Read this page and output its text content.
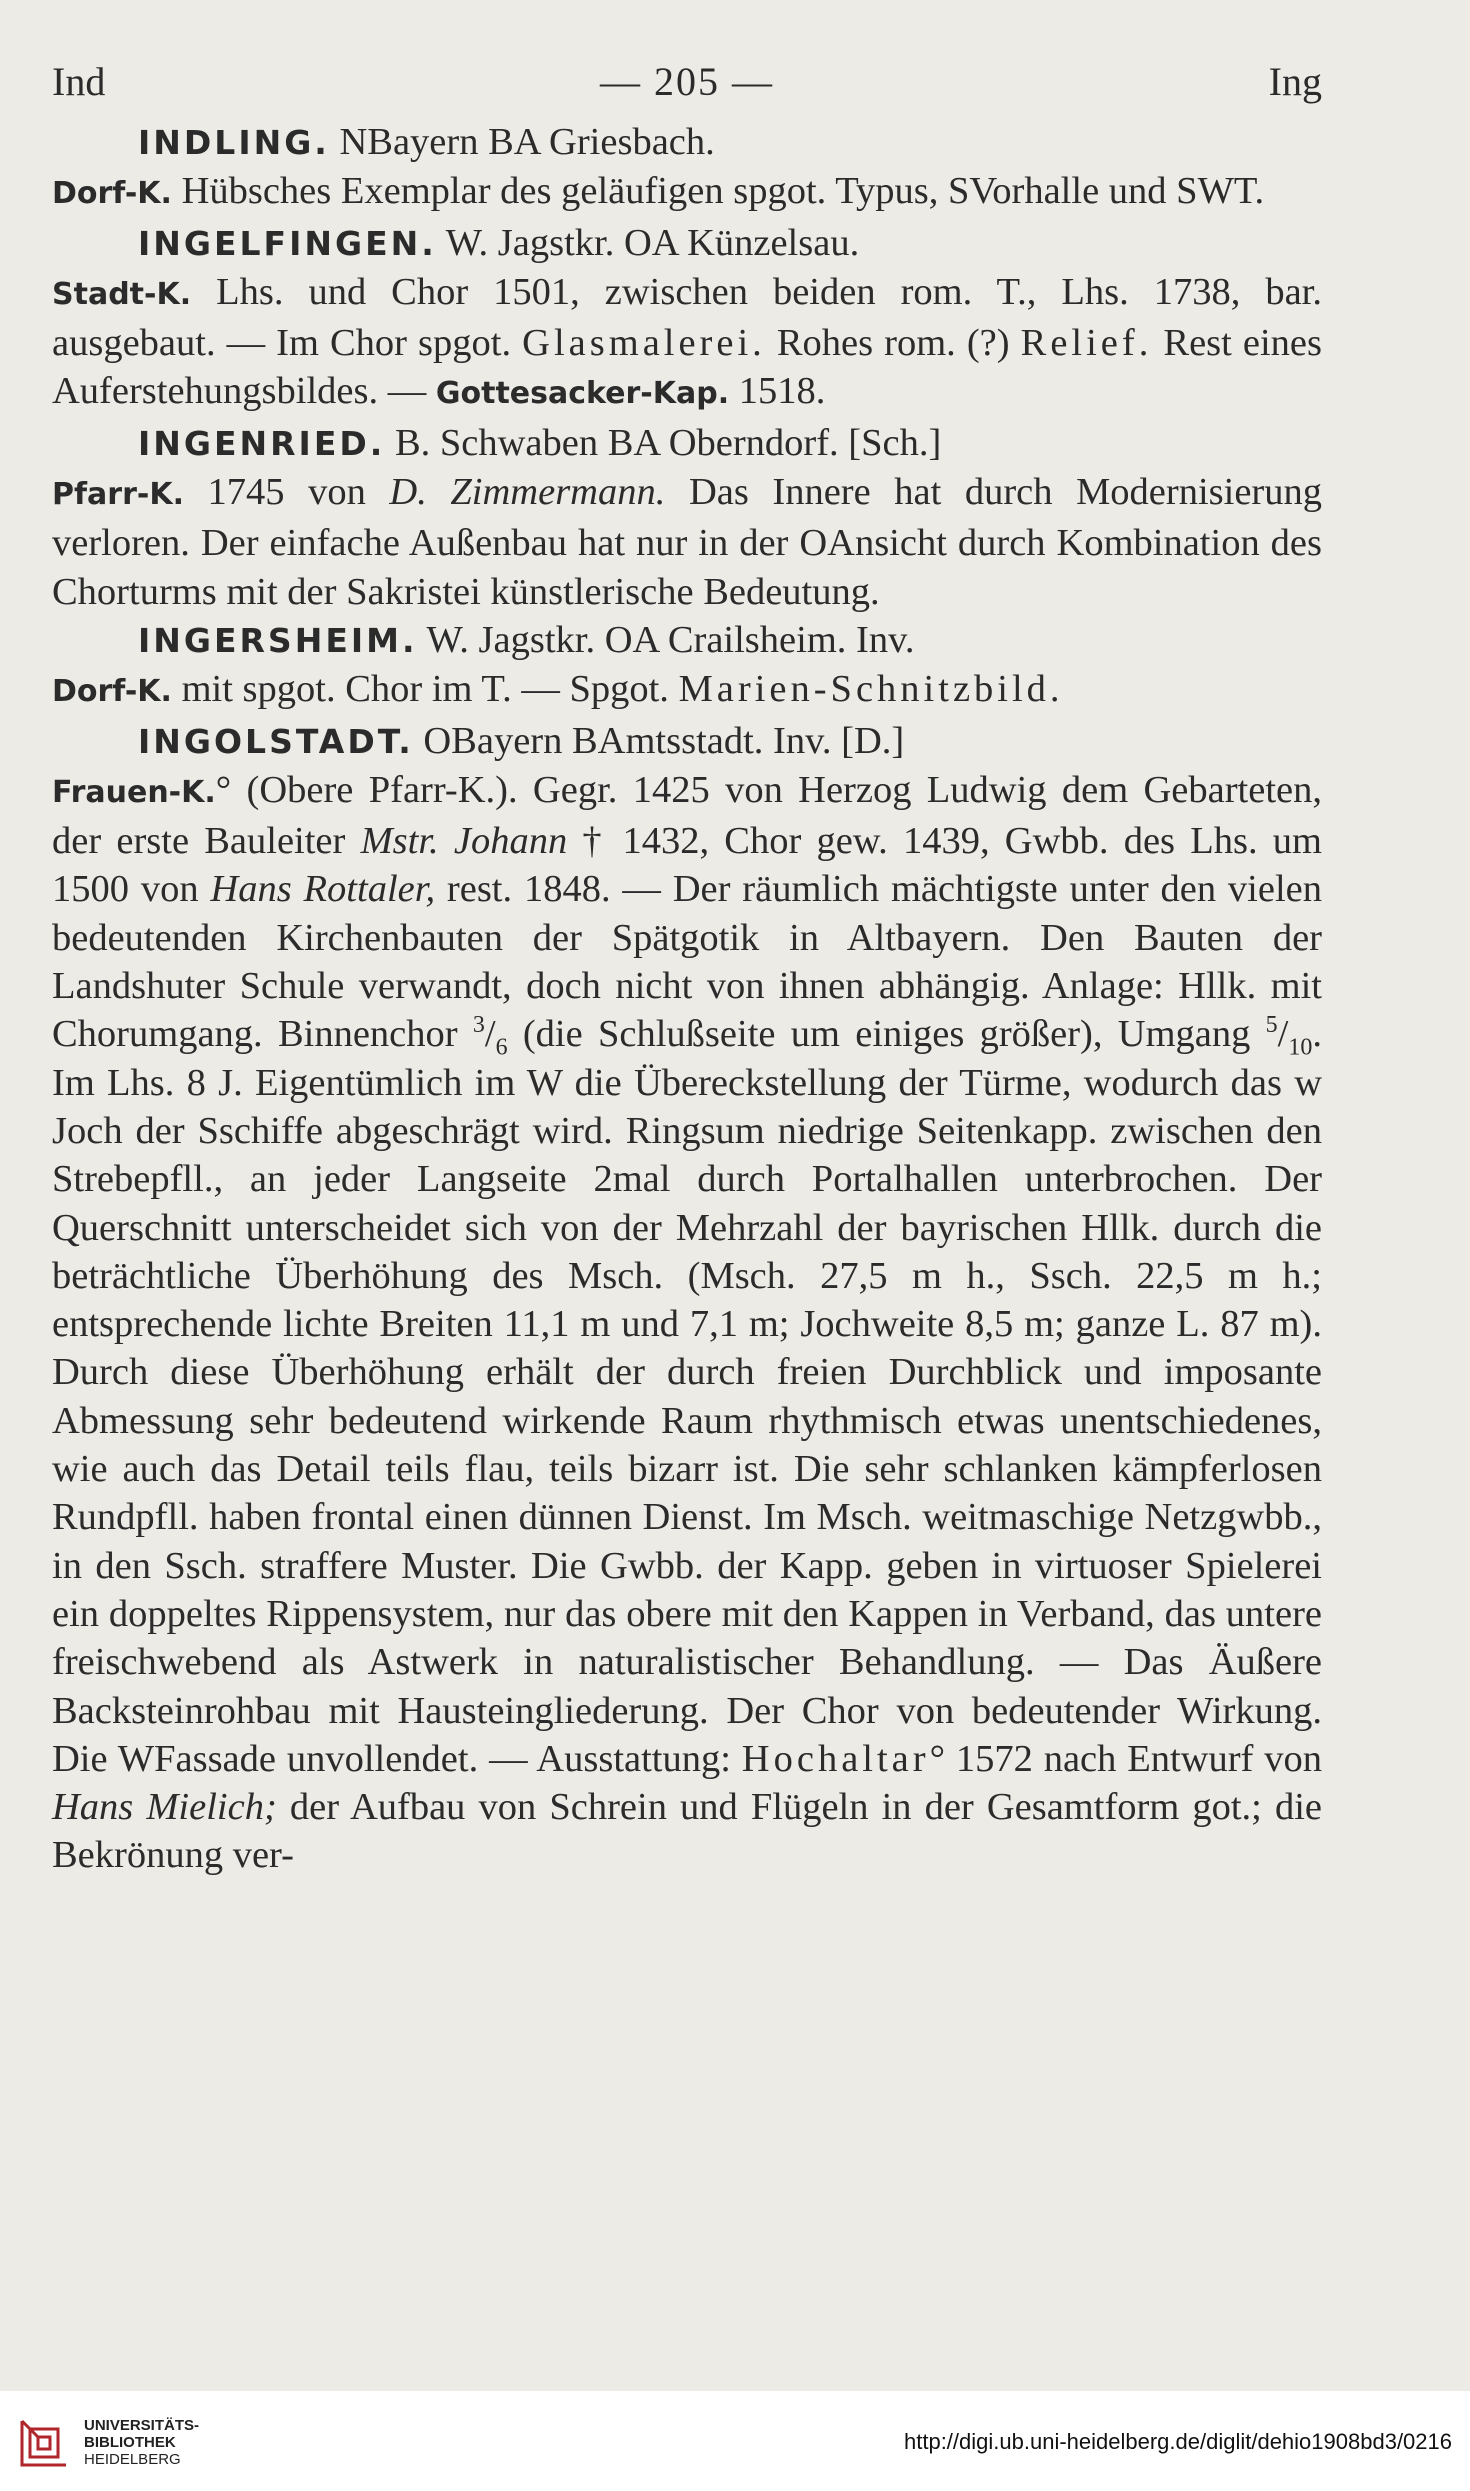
Ind	— 205 —	Ing
INDLING. NBayern BA Griesbach.
Dorf-K. Hübsches Exemplar des geläufigen spgot. Typus, SVorhalle und SWT.
INGELFINGEN. W. Jagstkr. OA Künzelsau.
Stadt-K. Lhs. und Chor 1501, zwischen beiden rom. T., Lhs. 1738, bar. ausgebaut. — Im Chor spgot. Glasmalerei. Rohes rom. (?) Relief. Rest eines Auferstehungsbildes. — Gottesacker-Kap. 1518.
INGENRIED. B. Schwaben BA Oberndorf. [Sch.]
Pfarr-K. 1745 von D. Zimmermann. Das Innere hat durch Modernisierung verloren. Der einfache Außenbau hat nur in der OAnsicht durch Kombination des Chorturms mit der Sakristei künstlerische Bedeutung.
INGERSHEIM. W. Jagstkr. OA Crailsheim. Inv.
Dorf-K. mit spgot. Chor im T. — Spgot. Marien-Schnitzbild.
INGOLSTADT. OBayern BAmtsstadt. Inv. [D.]
Frauen-K.° (Obere Pfarr-K.). Gegr. 1425 von Herzog Ludwig dem Gebarteten, der erste Bauleiter Mstr. Johann † 1432, Chor gew. 1439, Gwbb. des Lhs. um 1500 von Hans Rottaler, rest. 1848. — Der räumlich mächtigste unter den vielen bedeutenden Kirchenbauten der Spätgotik in Altbayern. Den Bauten der Landshuter Schule verwandt, doch nicht von ihnen abhängig. Anlage: Hllk. mit Chorumgang. Binnenchor $^3/_6$ (die Schlußseite um einiges größer), Umgang $^5/_{10}$. Im Lhs. 8 J. Eigentümlich im W die Übereckstellung der Türme, wodurch das w Joch der Sschiffe abgeschrägt wird. Ringsum niedrige Seitenkapp. zwischen den Strebepfll., an jeder Langseite 2mal durch Portalhallen unterbrochen. Der Querschnitt unterscheidet sich von der Mehrzahl der bayrischen Hllk. durch die beträchtliche Überhöhung des Msch. (Msch. 27,5 m h., Ssch. 22,5 m h.; entsprechende lichte Breiten 11,1 m und 7,1 m; Jochweite 8,5 m; ganze L. 87 m). Durch diese Überhöhung erhält der durch freien Durchblick und imposante Abmessung sehr bedeutend wirkende Raum rhythmisch etwas unentschiedenes, wie auch das Detail teils flau, teils bizarr ist. Die sehr schlanken kämpferlosen Rundpfll. haben frontal einen dünnen Dienst. Im Msch. weitmaschige Netzgwbb., in den Ssch. straffere Muster. Die Gwbb. der Kapp. geben in virtuoser Spielerei ein doppeltes Rippensystem, nur das obere mit den Kappen in Verband, das untere freischwebend als Astwerk in naturalistischer Behandlung. — Das Äußere Backsteinrohbau mit Hausteingliederung. Der Chor von bedeutender Wirkung. Die WFassade unvollendet. — Ausstattung: Hochaltar° 1572 nach Entwurf von Hans Mielich; der Aufbau von Schrein und Flügeln in der Gesamtform got.; die Bekrönung ver-
UNIVERSITÄTS-
BIBLIOTHEK
HEIDELBERG
http://digi.ub.uni-heidelberg.de/diglit/dehio1908bd3/0216
